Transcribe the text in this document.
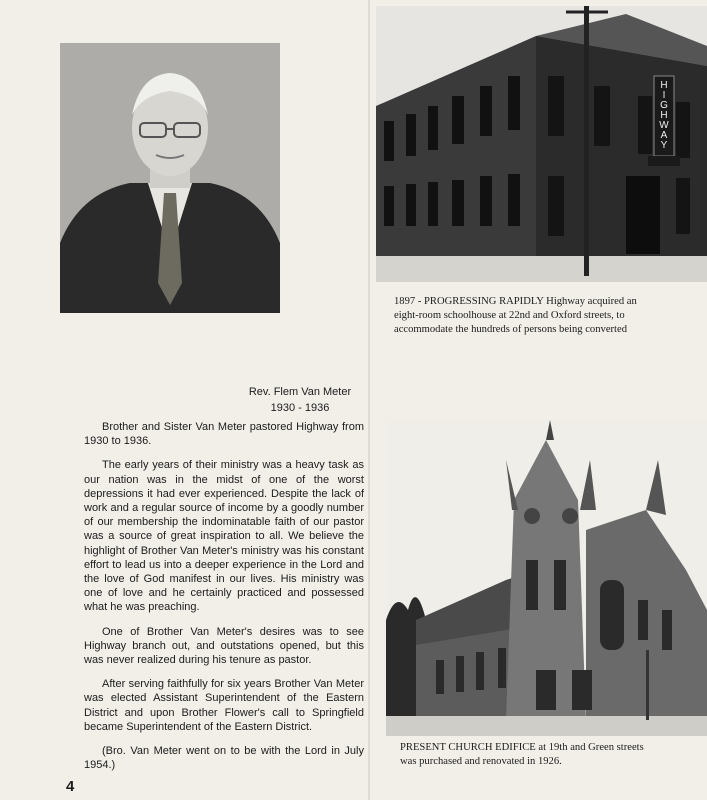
H I G H W A Y

1897 - PROGRESSING RAPIDLY Highway acquired an
eight-room schoolhouse at 22nd and Oxford streets, to
accommodate the hundreds of persons being converted

PRESENT CHURCH EDIFICE at 19th and Green streets
was purchased and renovated in 1926.

Rev. Flem Van Meter
1930 - 1936

Brother and Sister Van Meter pastored Highway from 1930 to 1936.

The early years of their ministry was a heavy task as our nation was in the midst of one of the worst depressions it had ever experienced. Despite the lack of work and a regular source of income by a goodly number of our membership the indominatable faith of our pastor was a source of great inspiration to all. We believe the highlight of Brother Van Meter's ministry was his constant effort to lead us into a deeper experience in the Lord and the love of God manifest in our lives. His ministry was one of love and he certainly practiced and possessed what he was preaching.

One of Brother Van Meter's desires was to see Highway branch out, and outstations opened, but this was never realized during his tenure as pastor.

After serving faithfully for six years Brother Van Meter was elected Assistant Superintendent of the Eastern District and upon Brother Flower's call to Springfield became Superintendent of the Eastern District.

(Bro. Van Meter went on to be with the Lord in July 1954.)

4
